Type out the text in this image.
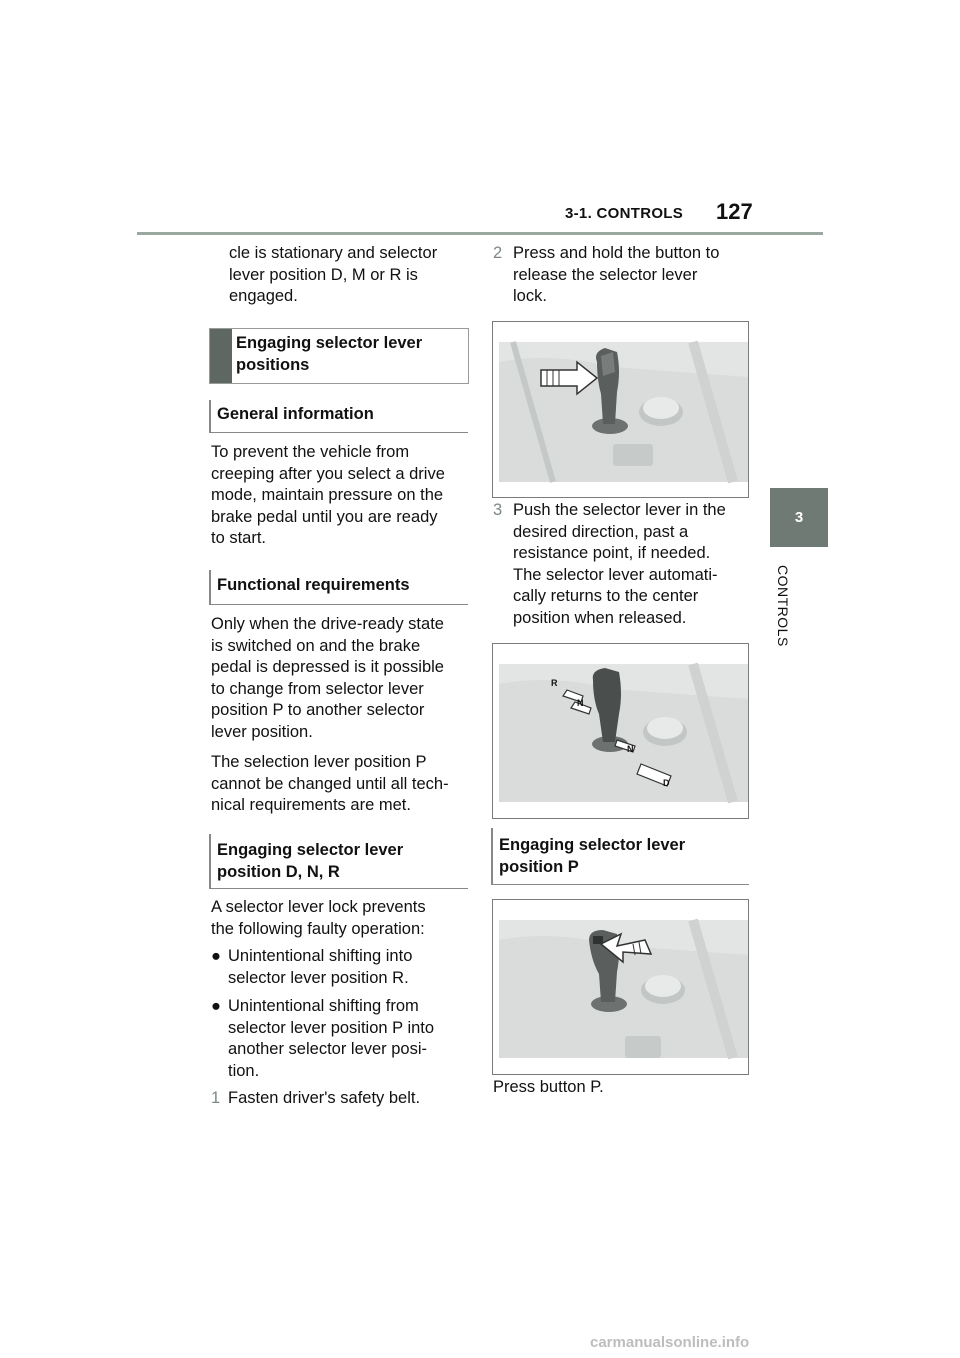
3-1. CONTROLS 127
3
CONTROLS

cle is stationary and selector

lever position D, M or R is

engaged.

Engaging selector lever
positions
General information

To prevent the vehicle from

creeping after you select a drive

mode, maintain pressure on the

brake pedal until you are ready

to start.

Functional requirements

Only when the drive-ready state

is switched on and the brake

pedal is depressed is it possible

to change from selector lever

position P to another selector

lever position.

The selection lever position P

cannot be changed until all tech-

nical requirements are met.

Engaging selector lever
position D, N, R

A selector lever lock prevents

the following faulty operation:

● Unintentional shifting into
selector lever position R.
● Unintentional shifting from
selector lever position P into
another selector lever posi-
tion.
1 Fasten driver's safety belt.
2 Press and hold the button to
release the selector lever
lock.
3 Push the selector lever in the
desired direction, past a
resistance point, if needed.
The selector lever automati-
cally returns to the center
position when released.
R
N
N
D
Engaging selector lever
position P
Press button P.
carmanualsonline.info
